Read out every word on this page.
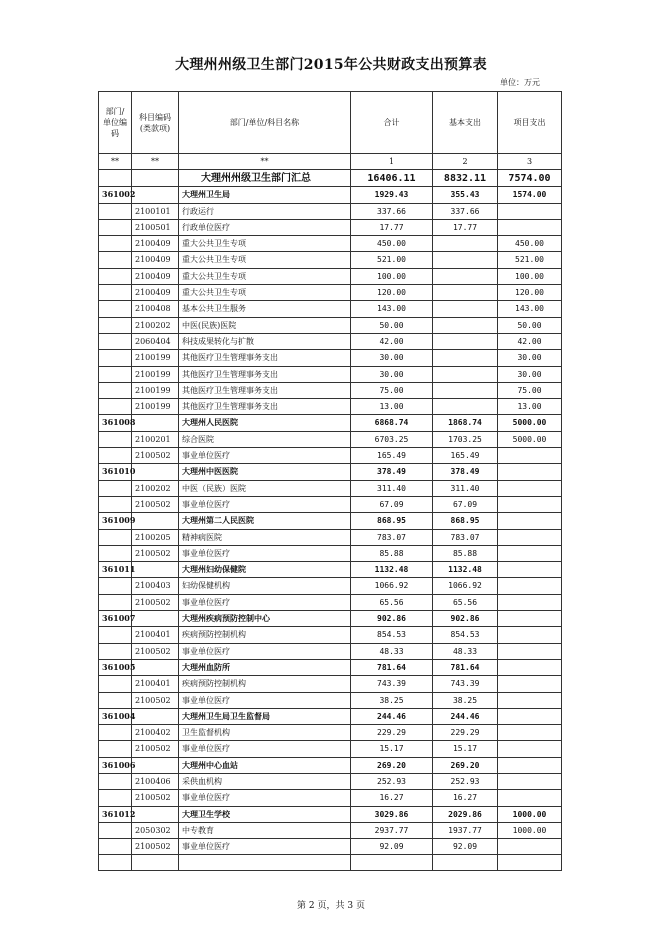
大理州州级卫生部门2015年公共财政支出预算表
单位：万元
部门/单位编码	科目编码(类款项)	部门/单位/科目名称	合计	基本支出	项目支出
**	**	**	1	2	3
		大理州州级卫生部门汇总	16406.11	8832.11	7574.00
361002		大理州卫生局	1929.43	355.43	1574.00
	2100101	行政运行	337.66	337.66	
	2100501	行政单位医疗	17.77	17.77	
	2100409	重大公共卫生专项	450.00		450.00
	2100409	重大公共卫生专项	521.00		521.00
	2100409	重大公共卫生专项	100.00		100.00
	2100409	重大公共卫生专项	120.00		120.00
	2100408	基本公共卫生服务	143.00		143.00
	2100202	中医(民族)医院	50.00		50.00
	2060404	科技成果转化与扩散	42.00		42.00
	2100199	其他医疗卫生管理事务支出	30.00		30.00
	2100199	其他医疗卫生管理事务支出	30.00		30.00
	2100199	其他医疗卫生管理事务支出	75.00		75.00
	2100199	其他医疗卫生管理事务支出	13.00		13.00
361008		大理州人民医院	6868.74	1868.74	5000.00
	2100201	综合医院	6703.25	1703.25	5000.00
	2100502	事业单位医疗	165.49	165.49	
361010		大理州中医医院	378.49	378.49	
	2100202	中医（民族）医院	311.40	311.40	
	2100502	事业单位医疗	67.09	67.09	
361009		大理州第二人民医院	868.95	868.95	
	2100205	精神病医院	783.07	783.07	
	2100502	事业单位医疗	85.88	85.88	
361011		大理州妇幼保健院	1132.48	1132.48	
	2100403	妇幼保健机构	1066.92	1066.92	
	2100502	事业单位医疗	65.56	65.56	
361007		大理州疾病预防控制中心	902.86	902.86	
	2100401	疾病预防控制机构	854.53	854.53	
	2100502	事业单位医疗	48.33	48.33	
361005		大理州血防所	781.64	781.64	
	2100401	疾病预防控制机构	743.39	743.39	
	2100502	事业单位医疗	38.25	38.25	
361004		大理州卫生局卫生监督局	244.46	244.46	
	2100402	卫生监督机构	229.29	229.29	
	2100502	事业单位医疗	15.17	15.17	
361006		大理州中心血站	269.20	269.20	
	2100406	采供血机构	252.93	252.93	
	2100502	事业单位医疗	16.27	16.27	
361012		大理卫生学校	3029.86	2029.86	1000.00
	2050302	中专教育	2937.77	1937.77	1000.00
	2100502	事业单位医疗	92.09	92.09	

第 2 页，共 3 页
